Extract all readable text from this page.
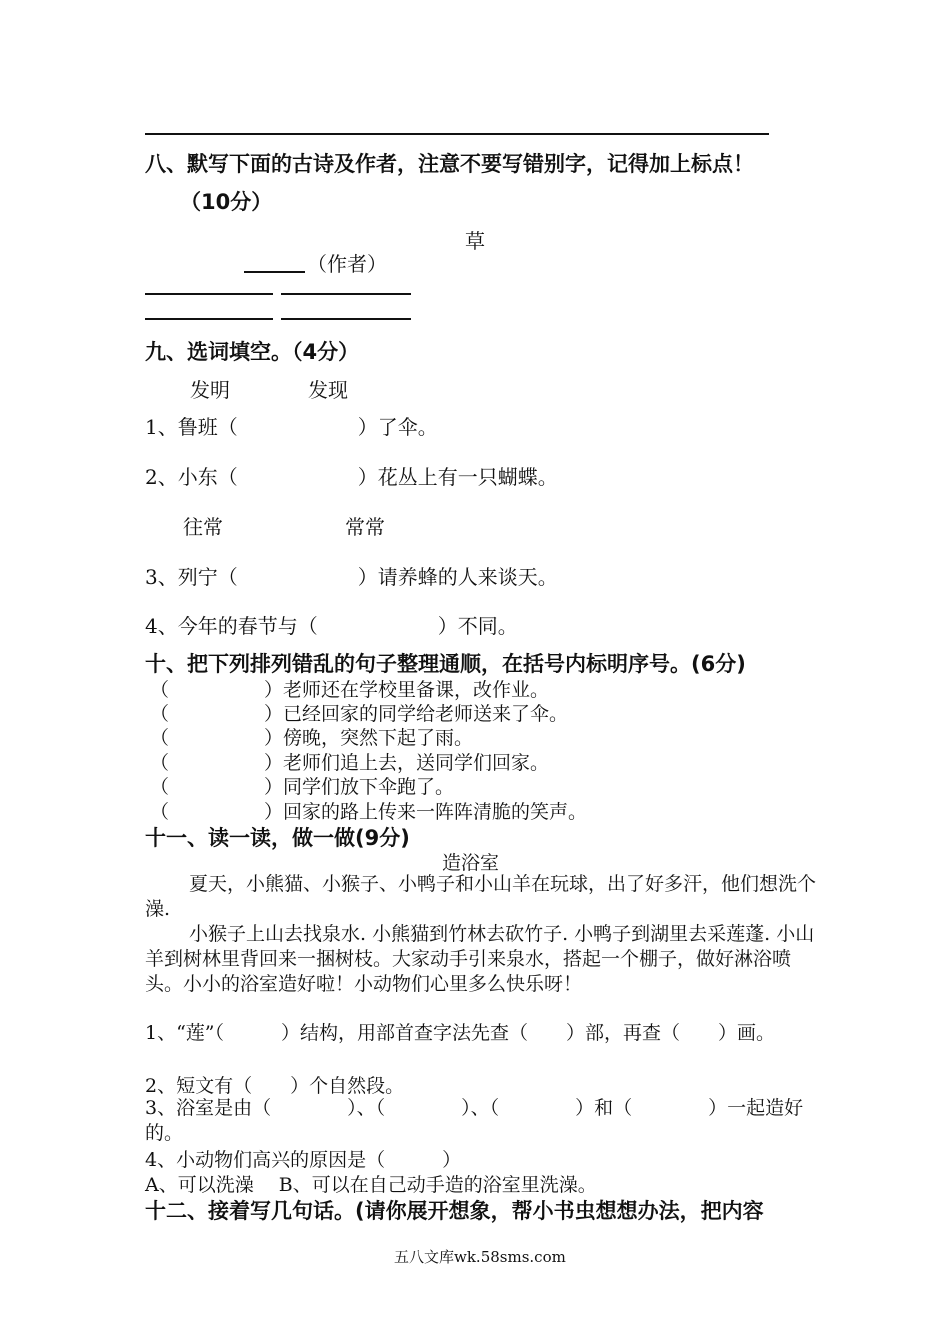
八、默写下面的古诗及作者，注意不要写错别字，记得加上标点！
（10分）
草
（作者）
九、选词填空。（4分）
发明	发现
1、鲁班（　　　　　　）了伞。
2、小东（　　　　　　）花丛上有一只蝴蝶。
往常	常常
3、列宁（　　　　　　）请养蜂的人来谈天。
4、今年的春节与（　　　　　　）不同。
十、把下列排列错乱的句子整理通顺，在括号内标明序号。(6分)
（　　　　　）老师还在学校里备课，改作业。
（　　　　　）已经回家的同学给老师送来了伞。
（　　　　　）傍晚，突然下起了雨。
（　　　　　）老师们追上去，送同学们回家。
（　　　　　）同学们放下伞跑了。
（　　　　　）回家的路上传来一阵阵清脆的笑声。
十一、读一读，做一做(9分)
造浴室
夏天，小熊猫、小猴子、小鸭子和小山羊在玩球，出了好多汗，他们想洗个澡.
小猴子上山去找泉水. 小熊猫到竹林去砍竹子. 小鸭子到湖里去采莲蓬. 小山羊到树林里背回来一捆树枝。大家动手引来泉水，搭起一个棚子，做好淋浴喷头。小小的浴室造好啦！小动物们心里多么快乐呀！
1、“莲”（　　　）结构，用部首查字法先查（　　）部，再查（　　）画。
2、短文有（　　）个自然段。
3、浴室是由（　　　　）、（　　　　）、（　　　　）和（　　　　）一起造好的。
4、小动物们高兴的原因是（　　　）
A、可以洗澡　 B、可以在自己动手造的浴室里洗澡。
十二、接着写几句话。(请你展开想象，帮小书虫想想办法，把内容
五八文库wk.58sms.com
